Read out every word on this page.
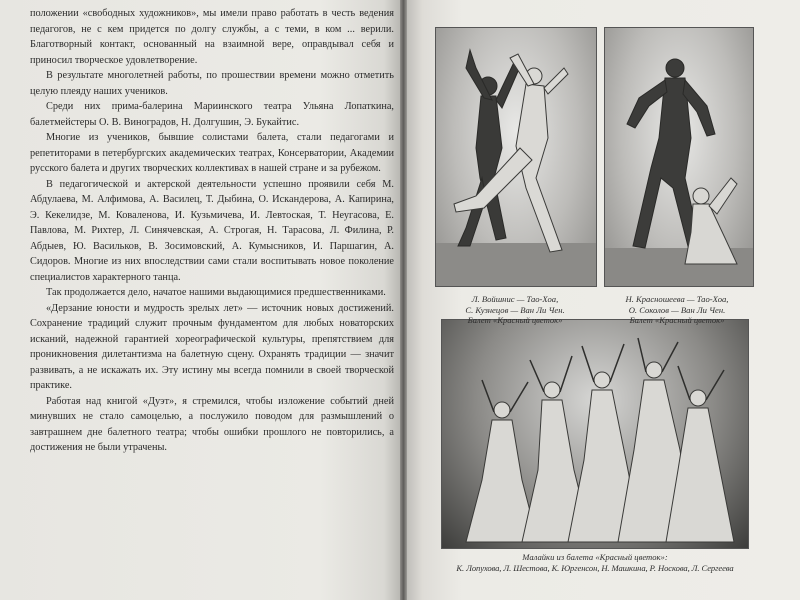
положении «свободных художников», мы имели право работать в честь ведения педагогов, не с кем придется по долгу службы, а с теми, в ком ... верили. Благотворный контакт, основанный на взаимной вере, оправдывал себя и приносил творческое удовлетворение.

В результате многолетней работы, по прошествии времени можно отметить целую плеяду наших учеников.

Среди них прима-балерина Мариинского театра Ульяна Лопаткина, балетмейстеры О. В. Виноградов, Н. Долгушин, Э. Букайтис.

Многие из учеников, бывшие солистами балета, стали педагогами и репетиторами в петербургских академических театрах, Консерватории, Академии русского балета и других творческих коллективах в нашей стране и за рубежом.

В педагогической и актерской деятельности успешно проявили себя М. Абдулаева, М. Алфимова, А. Василец, Т. Дыбина, О. Искандерова, А. Капирина, Э. Кекелидзе, М. Коваленова, И. Кузьмичева, И. Левтоская, Т. Неугасова, Е. Павлова, М. Рихтер, Л. Синячевская, А. Строгая, Н. Тарасова, Л. Филина, Р. Абдыев, Ю. Васильков, В. Зосимовский, А. Кумысников, И. Паршагин, А. Сидоров. Многие из них впоследствии сами стали воспитывать новое поколение специалистов характерного танца.

Так продолжается дело, начатое нашими выдающимися предшественниками.

«Дерзание юности и мудрость зрелых лет» — источник новых достижений. Сохранение традиций служит прочным фундаментом для любых новаторских исканий, надежной гарантией хореографической культуры, препятствием для проникновения дилетантизма на балетную сцену. Охранять традиции — значит развивать, а не искажать их. Эту истину мы всегда помнили в своей творческой практике.

Работая над книгой «Дуэт», я стремился, чтобы изложение событий дней минувших не стало самоцелью, а послужило поводом для размышлений о завтрашнем дне балетного театра; чтобы ошибки прошлого не повторились, а достижения не были утрачены.

Л. Войшнис — Тао-Хоа,
С. Кузнецов — Ван Ли Чен.
Балет «Красный цветок»
Н. Красношеева — Тао-Хоа,
О. Соколов — Ван Ли Чен.
Балет «Красный цветок»
Малайки из балета «Красный цветок»:
К. Лопухова, Л. Шестова, К. Юргенсон, Н. Машкина, Р. Носкова, Л. Сергеева
